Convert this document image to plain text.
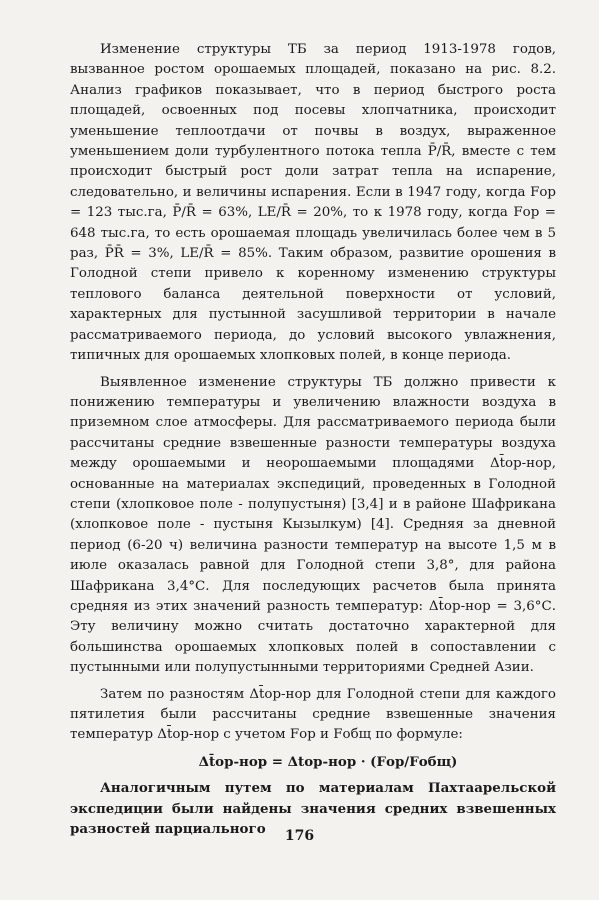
Изменение структуры ТБ за период 1913-1978 годов, вызванное ростом орошаемых площадей, показано на рис. 8.2. Анализ графиков показывает, что в период быстрого роста площадей, освоенных под посевы хлопчатника, происходит уменьшение теплоотдачи от почвы в воздух, выраженное уменьшением доли турбулентного потока тепла P̄/R̄, вместе с тем происходит быстрый рост доли затрат тепла на испарение, следовательно, и величины испарения. Если в 1947 году, когда Fор = 123 тыс.га, P̄/R̄ = 63%, LE/R̄ = 20%, то к 1978 году, когда Fор = 648 тыс.га, то есть орошаемая площадь увеличилась более чем в 5 раз, P̄R̄ = 3%, LE/R̄ = 85%. Таким образом, развитие орошения в Голодной степи привело к коренному изменению структуры теплового баланса деятельной поверхности от условий, характерных для пустынной засушливой территории в начале рассматриваемого периода, до условий высокого увлажнения, типичных для орошаемых хлопковых полей, в конце периода.

Выявленное изменение структуры ТБ должно привести к понижению температуры и увеличению влажности воздуха в приземном слое атмосферы. Для рассматриваемого периода были рассчитаны средние взвешенные разности температуры воздуха между орошаемыми и неорошаемыми площадями Δt̄ор-нор, основанные на материалах экспедиций, проведенных в Голодной степи (хлопковое поле - полупустыня) [3,4] и в районе Шафрикана (хлопковое поле - пустыня Кызылкум) [4]. Средняя за дневной период (6-20 ч) величина разности температур на высоте 1,5 м в июле оказалась равной для Голодной степи 3,8°, для района Шафрикана 3,4°С. Для последующих расчетов была принята средняя из этих значений разность температур: Δt̄ор-нор = 3,6°С. Эту величину можно считать достаточно характерной для большинства орошаемых хлопковых полей в сопоставлении с пустынными или полупустынными территориями Средней Азии.

Затем по разностям Δt̄ор-нор для Голодной степи для каждого пятилетия были рассчитаны средние взвешенные значения температур Δt̄ор-нор с учетом Fор и Fобщ по формуле:

Δt̄ор-нор = Δtор-нор · (Fор/Fобщ)

Аналогичным путем по материалам Пахтаарельской экспедиции были найдены значения средних взвешенных разностей парциального	176
